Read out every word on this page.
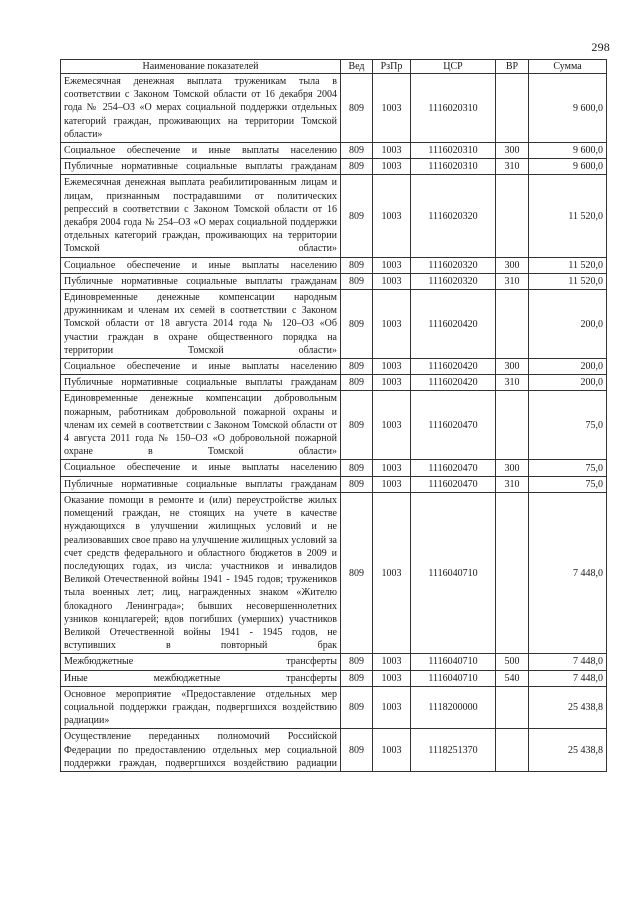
298
Наименование показателей	Вед	РзПр	ЦСР	ВР	Сумма
Ежемесячная денежная выплата труженикам тыла в соответствии с Законом Томской области от 16 декабря 2004 года № 254–ОЗ «О мерах социальной поддержки отдельных категорий граждан, проживающих на территории Томской области»	809	1003	1116020310		9 600,0
Социальное обеспечение и иные выплаты населению	809	1003	1116020310	300	9 600,0
Публичные нормативные социальные выплаты гражданам	809	1003	1116020310	310	9 600,0
Ежемесячная денежная выплата реабилитированным лицам и лицам, признанным пострадавшими от политических репрессий в соответствии с Законом Томской области от 16 декабря 2004 года № 254–ОЗ «О мерах социальной поддержки отдельных категорий граждан, проживающих на территории Томской области»	809	1003	1116020320		11 520,0
Социальное обеспечение и иные выплаты населению	809	1003	1116020320	300	11 520,0
Публичные нормативные социальные выплаты гражданам	809	1003	1116020320	310	11 520,0
Единовременные денежные компенсации народным дружинникам и членам их семей в соответствии с Законом Томской области от 18 августа 2014 года № 120–ОЗ «Об участии граждан в охране общественного порядка на территории Томской области»	809	1003	1116020420		200,0
Социальное обеспечение и иные выплаты населению	809	1003	1116020420	300	200,0
Публичные нормативные социальные выплаты гражданам	809	1003	1116020420	310	200,0
Единовременные денежные компенсации добровольным пожарным, работникам добровольной пожарной охраны и членам их семей в соответствии с Законом Томской области от 4 августа 2011 года № 150–ОЗ «О добровольной пожарной охране в Томской области»	809	1003	1116020470		75,0
Социальное обеспечение и иные выплаты населению	809	1003	1116020470	300	75,0
Публичные нормативные социальные выплаты гражданам	809	1003	1116020470	310	75,0
Оказание помощи в ремонте и (или) переустройстве жилых помещений граждан, не стоящих на учете в качестве нуждающихся в улучшении жилищных условий и не реализовавших свое право на улучшение жилищных условий за счет средств федерального и областного бюджетов в 2009 и последующих годах, из числа: участников и инвалидов Великой Отечественной войны 1941 - 1945 годов; тружеников тыла военных лет; лиц, награжденных знаком «Жителю блокадного Ленинграда»; бывших несовершеннолетних узников концлагерей; вдов погибших (умерших) участников Великой Отечественной войны 1941 - 1945 годов, не вступивших в повторный брак	809	1003	1116040710		7 448,0
Межбюджетные трансферты	809	1003	1116040710	500	7 448,0
Иные межбюджетные трансферты	809	1003	1116040710	540	7 448,0
Основное мероприятие «Предоставление отдельных мер социальной поддержки граждан, подвергшихся воздействию радиации»	809	1003	1118200000		25 438,8
Осуществление переданных полномочий Российской Федерации по предоставлению отдельных мер социальной поддержки граждан, подвергшихся воздействию радиации	809	1003	1118251370		25 438,8
